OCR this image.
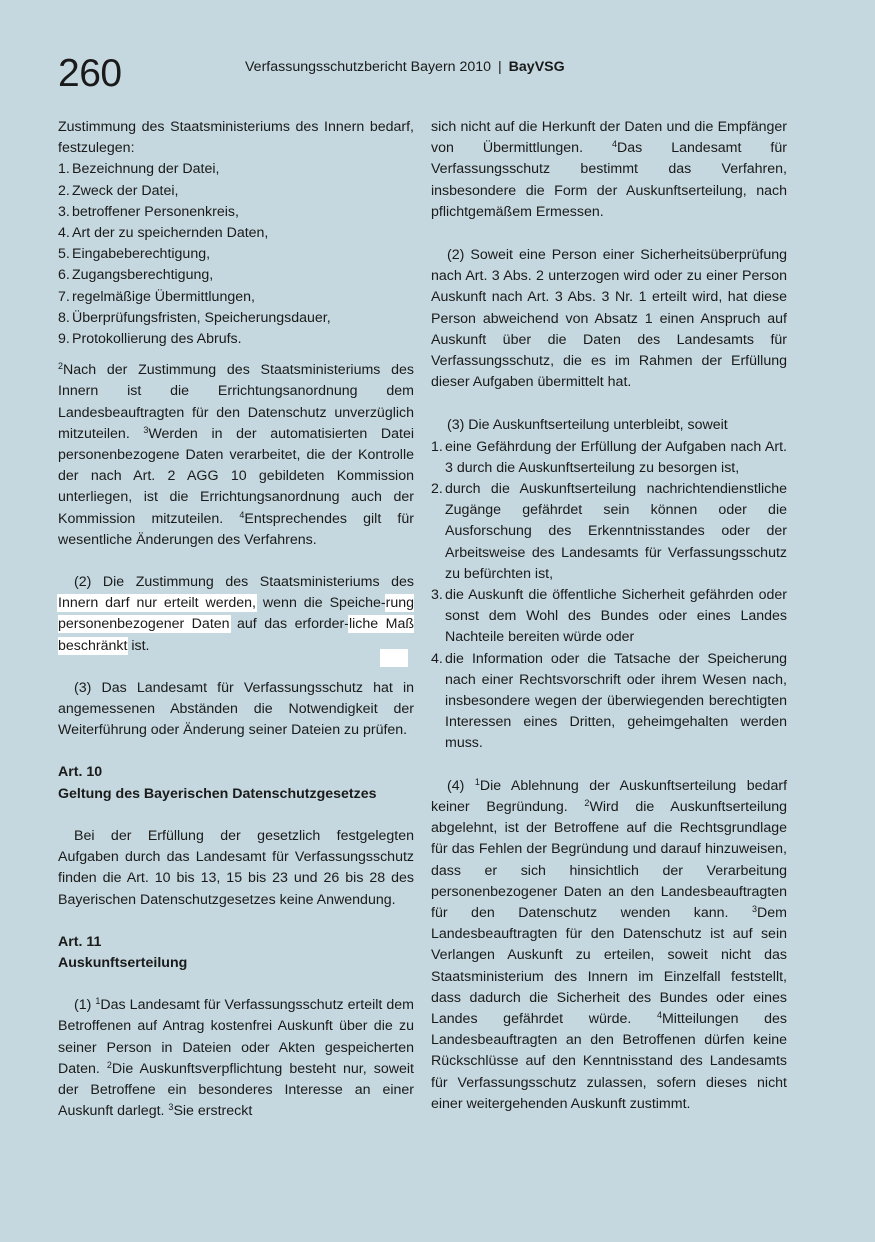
260	Verfassungsschutzbericht Bayern 2010 | BayVSG

Zustimmung des Staatsministeriums des Innern bedarf, festzulegen:

1. Bezeichnung der Datei,
2. Zweck der Datei,
3. betroffener Personenkreis,
4. Art der zu speichernden Daten,
5. Eingabeberechtigung,
6. Zugangsberechtigung,
7. regelmäßige Übermittlungen,
8. Überprüfungsfristen, Speicherungsdauer,
9. Protokollierung des Abrufs.

$^2$Nach der Zustimmung des Staatsministeriums des Innern ist die Errichtungsanordnung dem Landesbeauftragten für den Datenschutz unverzüglich mitzuteilen. $^3$Werden in der automatisierten Datei personenbezogene Daten verarbeitet, die der Kontrolle der nach Art. 2 AGG 10 gebildeten Kommission unterliegen, ist die Errichtungsanordnung auch der Kommission mitzuteilen. $^4$Entsprechendes gilt für wesentliche Änderungen des Verfahrens.

(2) Die Zustimmung des Staatsministeriums des Innern darf nur erteilt werden, wenn die Speiche-rung personenbezogener Daten auf das erforder-liche Maß beschränkt ist.

(3) Das Landesamt für Verfassungsschutz hat in angemessenen Abständen die Notwendigkeit der Weiterführung oder Änderung seiner Dateien zu prüfen.

Art. 10
Geltung des Bayerischen Datenschutzgesetzes

Bei der Erfüllung der gesetzlich festgelegten Aufgaben durch das Landesamt für Verfassungsschutz finden die Art. 10 bis 13, 15 bis 23 und 26 bis 28 des Bayerischen Datenschutzgesetzes keine Anwendung.

Art. 11
Auskunftserteilung

(1) $^1$Das Landesamt für Verfassungsschutz erteilt dem Betroffenen auf Antrag kostenfrei Auskunft über die zu seiner Person in Dateien oder Akten gespeicherten Daten. $^2$Die Auskunftsverpflichtung besteht nur, soweit der Betroffene ein besonderes Interesse an einer Auskunft darlegt. $^3$Sie erstreckt

sich nicht auf die Herkunft der Daten und die Empfänger von Übermittlungen. $^4$Das Landesamt für Verfassungsschutz bestimmt das Verfahren, insbesondere die Form der Auskunftserteilung, nach pflichtgemäßem Ermessen.

(2) Soweit eine Person einer Sicherheitsüberprüfung nach Art. 3 Abs. 2 unterzogen wird oder zu einer Person Auskunft nach Art. 3 Abs. 3 Nr. 1 erteilt wird, hat diese Person abweichend von Absatz 1 einen Anspruch auf Auskunft über die Daten des Landesamts für Verfassungsschutz, die es im Rahmen der Erfüllung dieser Aufgaben übermittelt hat.

(3) Die Auskunftserteilung unterbleibt, soweit

1. eine Gefährdung der Erfüllung der Aufgaben nach Art. 3 durch die Auskunftserteilung zu besorgen ist,
2. durch die Auskunftserteilung nachrichtendienstliche Zugänge gefährdet sein können oder die Ausforschung des Erkenntnisstandes oder der Arbeitsweise des Landesamts für Verfassungsschutz zu befürchten ist,
3. die Auskunft die öffentliche Sicherheit gefährden oder sonst dem Wohl des Bundes oder eines Landes Nachteile bereiten würde oder
4. die Information oder die Tatsache der Speicherung nach einer Rechtsvorschrift oder ihrem Wesen nach, insbesondere wegen der überwiegenden berechtigten Interessen eines Dritten, geheimgehalten werden muss.

(4) $^1$Die Ablehnung der Auskunftserteilung bedarf keiner Begründung. $^2$Wird die Auskunftserteilung abgelehnt, ist der Betroffene auf die Rechtsgrundlage für das Fehlen der Begründung und darauf hinzuweisen, dass er sich hinsichtlich der Verarbeitung personenbezogener Daten an den Landesbeauftragten für den Datenschutz wenden kann. $^3$Dem Landesbeauftragten für den Datenschutz ist auf sein Verlangen Auskunft zu erteilen, soweit nicht das Staatsministerium des Innern im Einzelfall feststellt, dass dadurch die Sicherheit des Bundes oder eines Landes gefährdet würde. $^4$Mitteilungen des Landesbeauftragten an den Betroffenen dürfen keine Rückschlüsse auf den Kenntnisstand des Landesamts für Verfassungsschutz zulassen, sofern dieses nicht einer weitergehenden Auskunft zustimmt.
